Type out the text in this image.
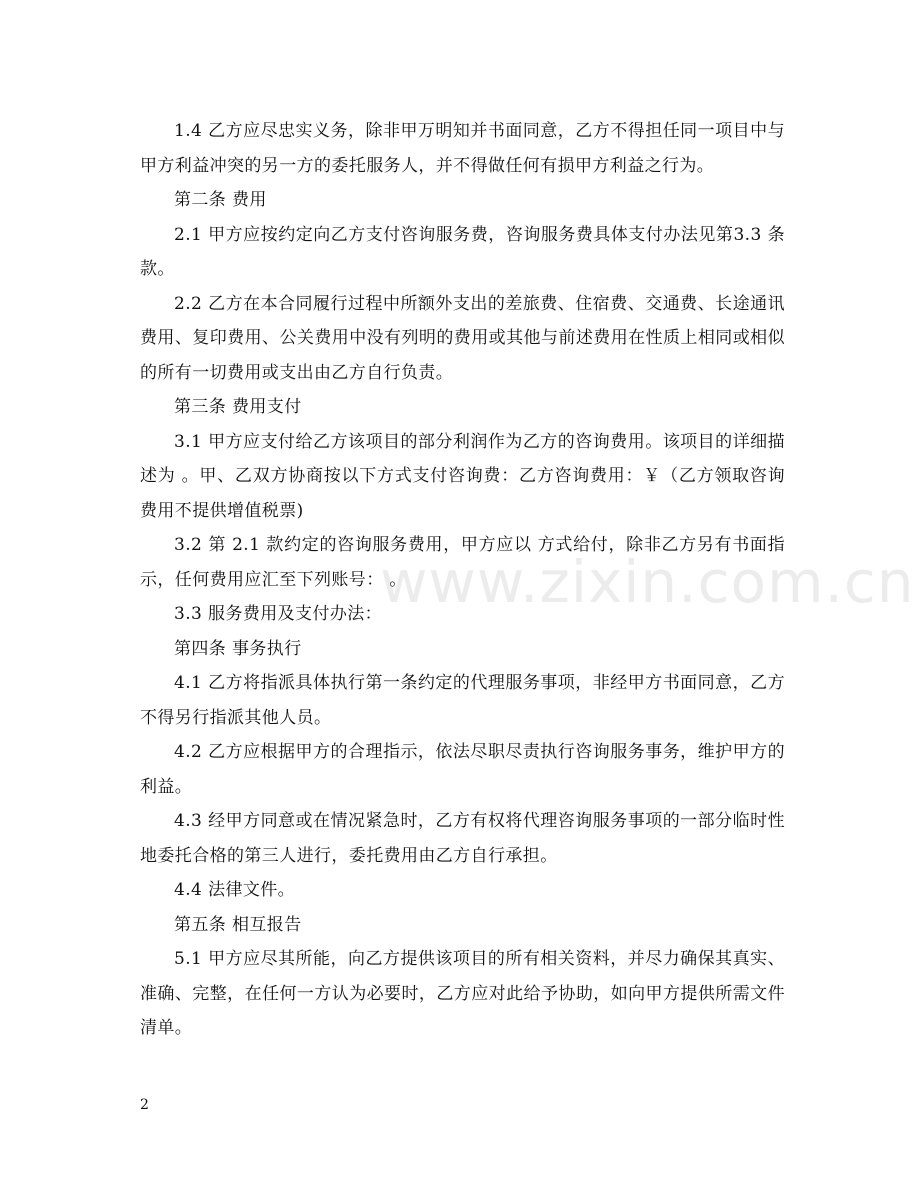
www.zixin.com.cn

1.4 乙方应尽忠实义务，除非甲万明知并书面同意，乙方不得担任同一项目中与甲方利益冲突的另一方的委托服务人，并不得做任何有损甲方利益之行为。

第二条 费用

2.1 甲方应按约定向乙方支付咨询服务费，咨询服务费具体支付办法见第3.3 条款。

2.2 乙方在本合同履行过程中所额外支出的差旅费、住宿费、交通费、长途通讯费用、复印费用、公关费用中没有列明的费用或其他与前述费用在性质上相同或相似的所有一切费用或支出由乙方自行负责。

第三条 费用支付

3.1 甲方应支付给乙方该项目的部分利润作为乙方的咨询费用。该项目的详细描述为 。甲、乙双方协商按以下方式支付咨询费：乙方咨询费用：￥（乙方领取咨询费用不提供增值税票)

3.2 第 2.1 款约定的咨询服务费用，甲方应以 方式给付，除非乙方另有书面指示，任何费用应汇至下列账号： 。

3.3 服务费用及支付办法：

第四条 事务执行

4.1 乙方将指派具体执行第一条约定的代理服务事项，非经甲方书面同意，乙方不得另行指派其他人员。

4.2 乙方应根据甲方的合理指示，依法尽职尽责执行咨询服务事务，维护甲方的利益。

4.3 经甲方同意或在情况紧急时，乙方有权将代理咨询服务事项的一部分临时性地委托合格的第三人进行，委托费用由乙方自行承担。

4.4 法律文件。

第五条 相互报告

5.1 甲方应尽其所能，向乙方提供该项目的所有相关资料，并尽力确保其真实、准确、完整，在任何一方认为必要时，乙方应对此给予协助，如向甲方提供所需文件清单。

2
